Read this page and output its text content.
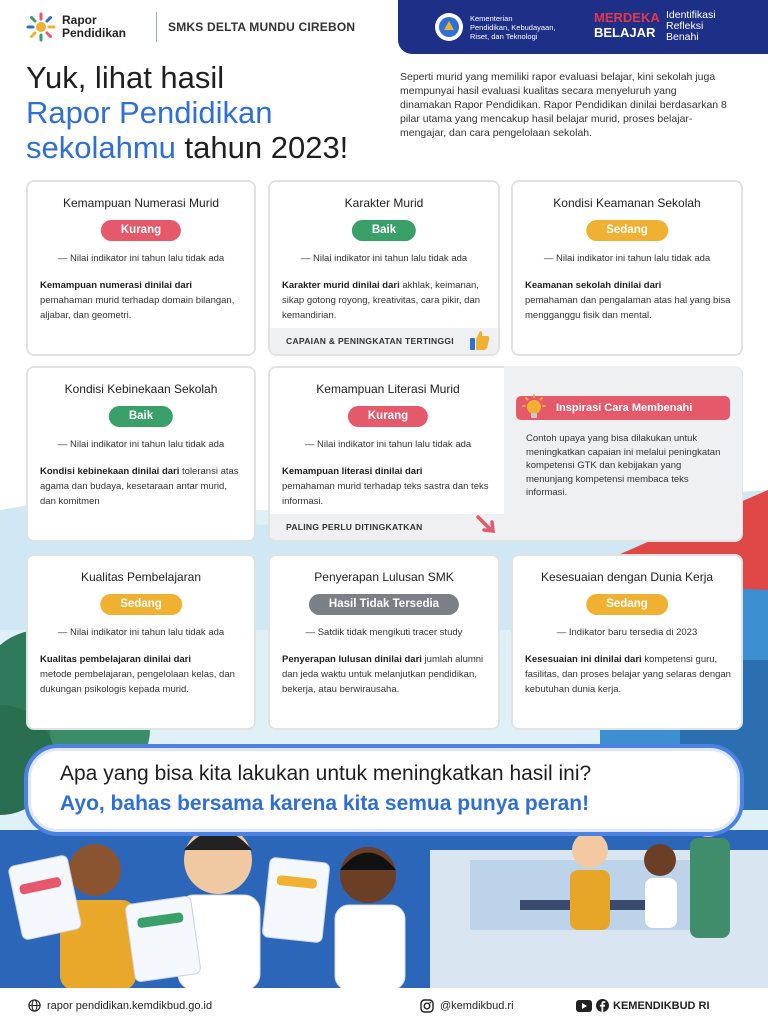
Rapor
Pendidikan	SMKS DELTA MUNDU CIREBON
Kementerian
Pendidikan, Kebudayaan,
Riset, dan Teknologi
MERDEKA
BELAJAR
Identifikasi
Refleksi
Benahi
Yuk, lihat hasil
Rapor Pendidikan
sekolahmu tahun 2023!
Seperti murid yang memiliki rapor evaluasi belajar, kini sekolah juga mempunyai hasil evaluasi kualitas secara menyeluruh yang dinamakan Rapor Pendidikan. Rapor Pendidikan dinilai berdasarkan 8 pilar utama yang mencakup hasil belajar murid, proses belajar-mengajar, dan cara pengelolaan sekolah.
Kemampuan Numerasi Murid
Kurang
— Nilai indikator ini tahun lalu tidak ada
Kemampuan numerasi dinilai dari
pemahaman murid terhadap domain bilangan, aljabar, dan geometri.
Karakter Murid
Baik
— Nilai indikator ini tahun lalu tidak ada
Karakter murid dinilai dari akhlak, keimanan, sikap gotong royong, kreativitas, cara pikir, dan kemandirian.
CAPAIAN & PENINGKATAN TERTINGGI
Kondisi Keamanan Sekolah
Sedang
— Nilai indikator ini tahun lalu tidak ada
Keamanan sekolah dinilai dari
pemahaman dan pengalaman atas hal yang bisa mengganggu fisik dan mental.
Kondisi Kebinekaan Sekolah
Baik
— Nilai indikator ini tahun lalu tidak ada
Kondisi kebinekaan dinilai dari toleransi atas agama dan budaya, kesetaraan antar murid, dan komitmen
Kemampuan Literasi Murid
Kurang
— Nilai indikator ini tahun lalu tidak ada
Kemampuan literasi dinilai dari
pemahaman murid terhadap teks sastra dan teks informasi.
PALING PERLU DITINGKATKAN
Inspirasi Cara Membenahi
Contoh upaya yang bisa dilakukan untuk meningkatkan capaian ini melalui peningkatan kompetensi GTK dan kebijakan yang menunjang kompetensi membaca teks informasi.
Kualitas Pembelajaran
Sedang
— Nilai indikator ini tahun lalu tidak ada
Kualitas pembelajaran dinilai dari
metode pembelajaran, pengelolaan kelas, dan dukungan psikologis kepada murid.
Penyerapan Lulusan SMK
Hasil Tidak Tersedia
— Satdik tidak mengikuti tracer study
Penyerapan lulusan dinilai dari jumlah alumni dan jeda waktu untuk melanjutkan pendidikan, bekerja, atau berwirausaha.
Kesesuaian dengan Dunia Kerja
Sedang
— Indikator baru tersedia di 2023
Kesesuaian ini dinilai dari kompetensi guru, fasilitas, dan proses belajar yang selaras dengan kebutuhan dunia kerja.
Apa yang bisa kita lakukan untuk meningkatkan hasil ini?
Ayo, bahas bersama karena kita semua punya peran!
rapor pendidikan.kemdikbud.go.id	@kemdikbud.ri	KEMENDIKBUD RI
